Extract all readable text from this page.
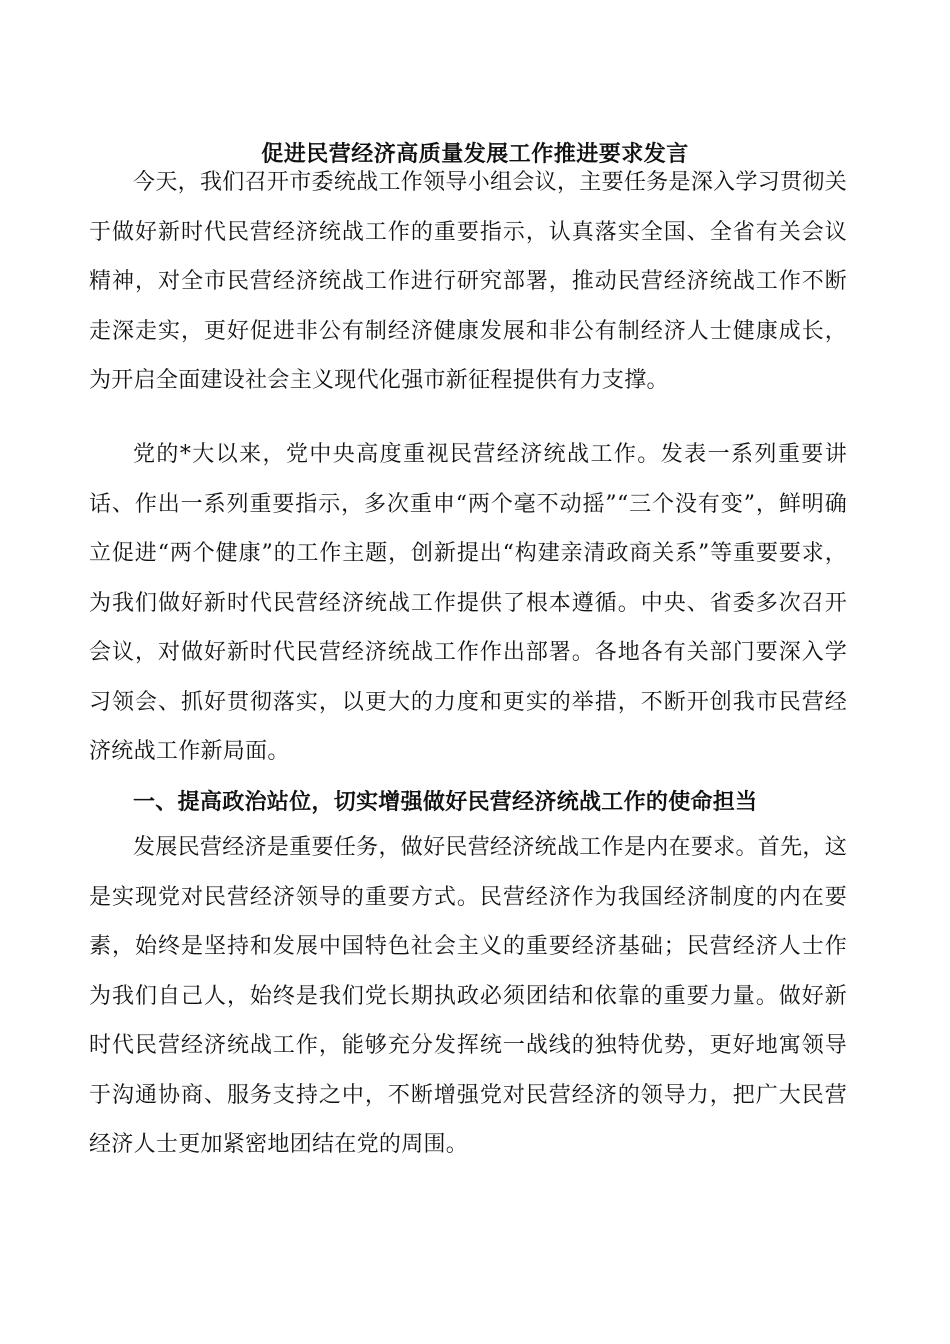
促进民营经济高质量发展工作推进要求发言

今天，我们召开市委统战工作领导小组会议，主要任务是深入学习贯彻关于做好新时代民营经济统战工作的重要指示，认真落实全国、全省有关会议精神，对全市民营经济统战工作进行研究部署，推动民营经济统战工作不断走深走实，更好促进非公有制经济健康发展和非公有制经济人士健康成长，为开启全面建设社会主义现代化强市新征程提供有力支撑。

党的*大以来，党中央高度重视民营经济统战工作。发表一系列重要讲话、作出一系列重要指示，多次重申“两个毫不动摇”“三个没有变”，鲜明确立促进“两个健康”的工作主题，创新提出“构建亲清政商关系”等重要要求，为我们做好新时代民营经济统战工作提供了根本遵循。中央、省委多次召开会议，对做好新时代民营经济统战工作作出部署。各地各有关部门要深入学习领会、抓好贯彻落实，以更大的力度和更实的举措，不断开创我市民营经济统战工作新局面。

一、提高政治站位，切实增强做好民营经济统战工作的使命担当

发展民营经济是重要任务，做好民营经济统战工作是内在要求。首先，这是实现党对民营经济领导的重要方式。民营经济作为我国经济制度的内在要素，始终是坚持和发展中国特色社会主义的重要经济基础；民营经济人士作为我们自己人，始终是我们党长期执政必须团结和依靠的重要力量。做好新时代民营经济统战工作，能够充分发挥统一战线的独特优势，更好地寓领导于沟通协商、服务支持之中，不断增强党对民营经济的领导力，把广大民营经济人士更加紧密地团结在党的周围。
